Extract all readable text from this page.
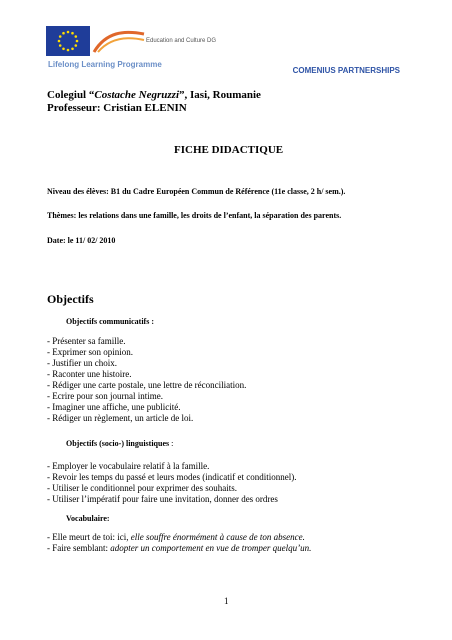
Education and Culture DG
Lifelong Learning Programme
COMENIUS PARTNERSHIPS
Colegiul “Costache Negruzzi”, Iasi, Roumanie
Professeur: Cristian ELENIN
FICHE DIDACTIQUE
Niveau des élèves: B1 du Cadre Européen Commun de Référence (11e classe, 2 h/ sem.).
Thèmes: les relations dans une famille, les droits de l’enfant, la séparation des parents.
Date: le 11/ 02/ 2010
Objectifs
Objectifs communicatifs :
- Présenter sa famille.
- Exprimer son opinion.
- Justifier un choix.
- Raconter une histoire.
- Rédiger une carte postale, une lettre de réconciliation.
- Ecrire pour son journal intime.
- Imaginer une affiche, une publicité.
- Rédiger un règlement, un article de loi.
Objectifs (socio-) linguistiques :
- Employer le vocabulaire relatif à la famille.
- Revoir les temps du passé et leurs modes (indicatif et conditionnel).
- Utiliser le conditionnel pour exprimer des souhaits.
- Utiliser l’impératif pour faire une invitation, donner des ordres
Vocabulaire:
- Elle meurt de toi: ici, elle souffre énormément à cause de ton absence.
- Faire semblant: adopter un comportement en vue de tromper quelqu’un.
1
